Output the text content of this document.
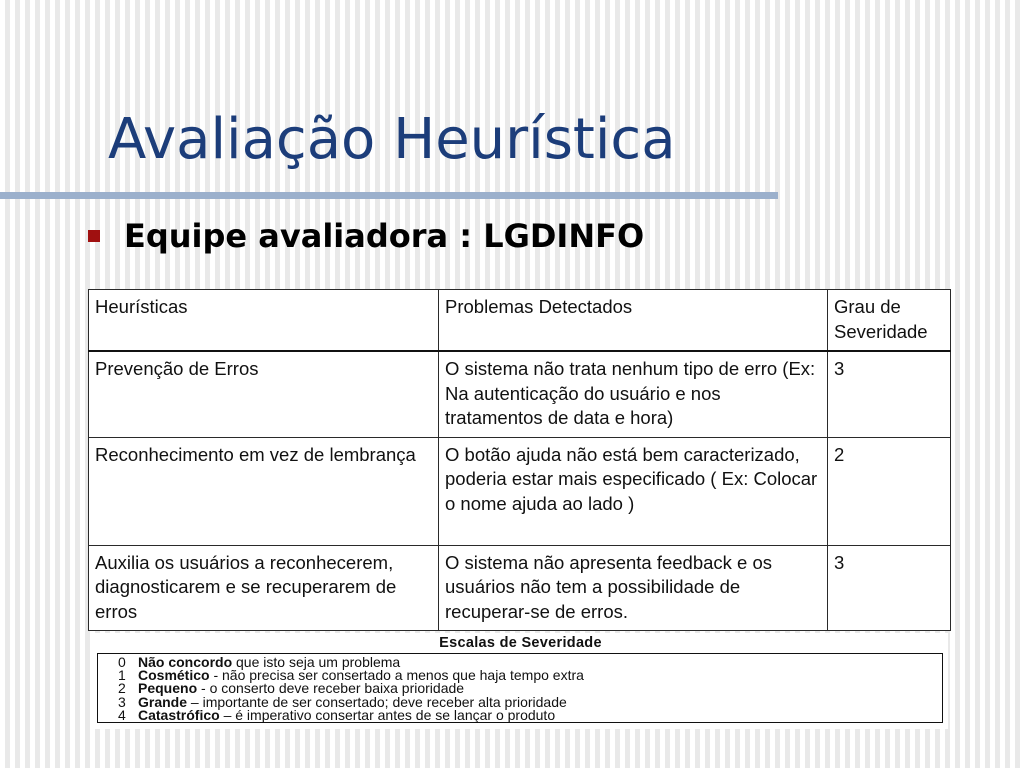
Avaliação Heurística
Equipe avaliadora : LGDINFO
Heurísticas	Problemas Detectados	Grau de Severidade
Prevenção de Erros	O sistema não trata nenhum tipo de erro (Ex: Na autenticação do usuário e nos tratamentos de data e hora)	3
Reconhecimento em vez de lembrança	O botão ajuda não está bem caracterizado, poderia estar mais especificado ( Ex: Colocar o nome ajuda ao lado )	2
Auxilia os usuários a reconhecerem, diagnosticarem e se recuperarem de erros	O sistema não apresenta feedback e os usuários não tem a possibilidade de recuperar-se de erros.	3
Escalas de Severidade
0 Não concordo que isto seja um problema
1 Cosmético - não precisa ser consertado a menos que haja tempo extra
2 Pequeno - o conserto deve receber baixa prioridade
3 Grande – importante de ser consertado; deve receber alta prioridade
4 Catastrófico – é imperativo consertar antes de se lançar o produto
